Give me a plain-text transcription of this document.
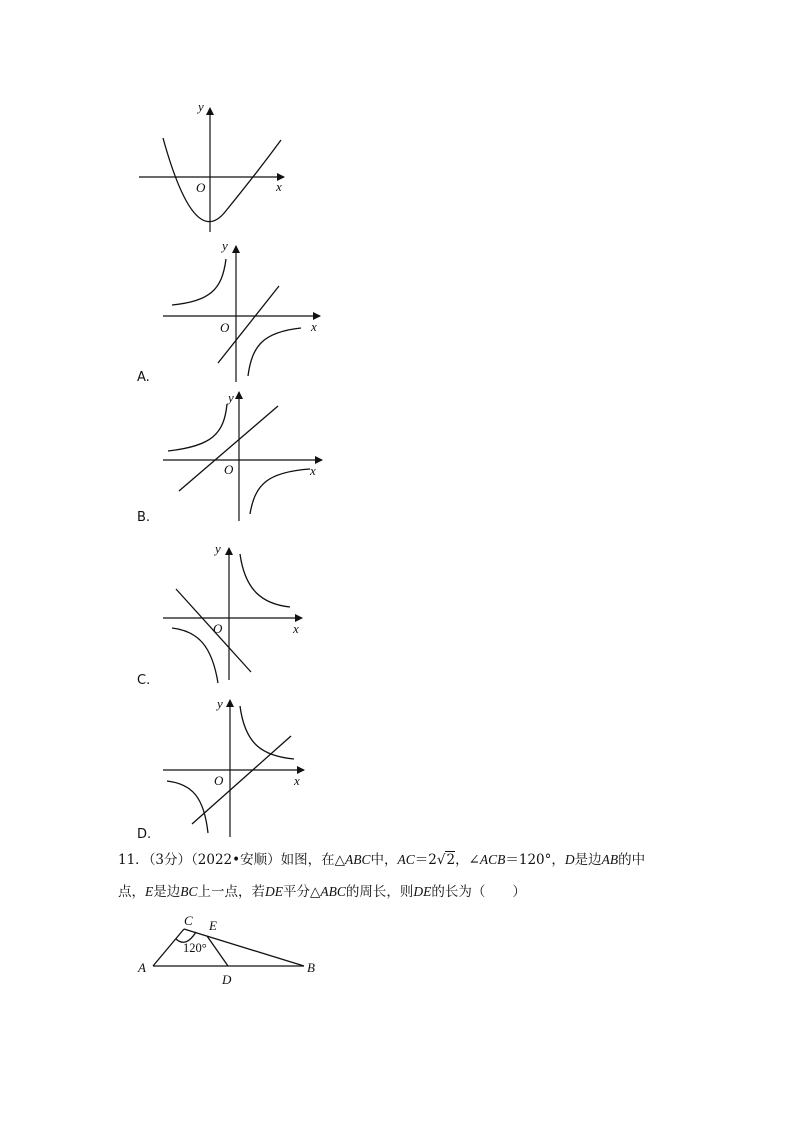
y
x
O
y
x
O
y
x
O
y
x
O
y
x
O
A	B
C E
D
120°
A.
B.
C.
D.
11．（3分）（2022•安顺）如图，在△ABC中，AC＝2√2，∠ACB＝120°，D是边AB的中
点，E是边BC上一点，若DE平分△ABC的周长，则DE的长为（　　）
